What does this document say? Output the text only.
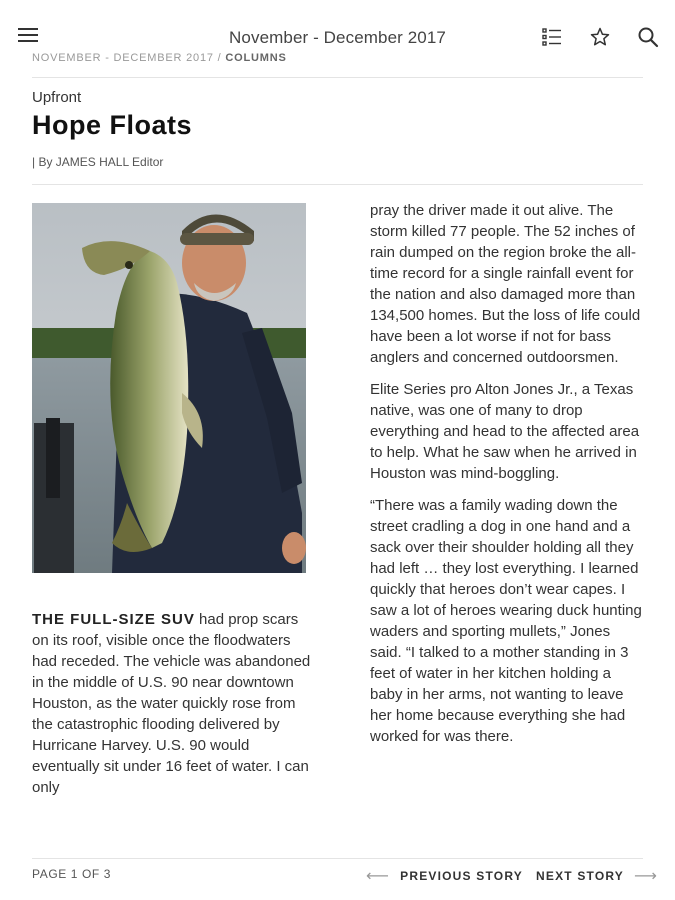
November - December 2017
NOVEMBER - DECEMBER 2017 / COLUMNS
Upfront
Hope Floats
| By JAMES HALL Editor

THE FULL-SIZE SUV had prop scars on its roof, visible once the floodwaters had receded. The vehicle was abandoned in the middle of U.S. 90 near downtown Houston, as the water quickly rose from the catastrophic flooding delivered by Hurricane Harvey. U.S. 90 would eventually sit under 16 feet of water. I can only

pray the driver made it out alive. The storm killed 77 people. The 52 inches of rain dumped on the region broke the all-time record for a single rainfall event for the nation and also damaged more than 134,500 homes. But the loss of life could have been a lot worse if not for bass anglers and concerned outdoorsmen.

Elite Series pro Alton Jones Jr., a Texas native, was one of many to drop everything and head to the affected area to help. What he saw when he arrived in Houston was mind-boggling.

“There was a family wading down the street cradling a dog in one hand and a sack over their shoulder holding all they had left … they lost everything. I learned quickly that heroes don’t wear capes. I saw a lot of heroes wearing duck hunting waders and sporting mullets,” Jones said. “I talked to a mother standing in 3 feet of water in her kitchen holding a baby in her arms, not wanting to leave her home because everything she had worked for was there.

PAGE 1 OF 3	⟵ PREVIOUS STORY NEXT STORY ⟶
